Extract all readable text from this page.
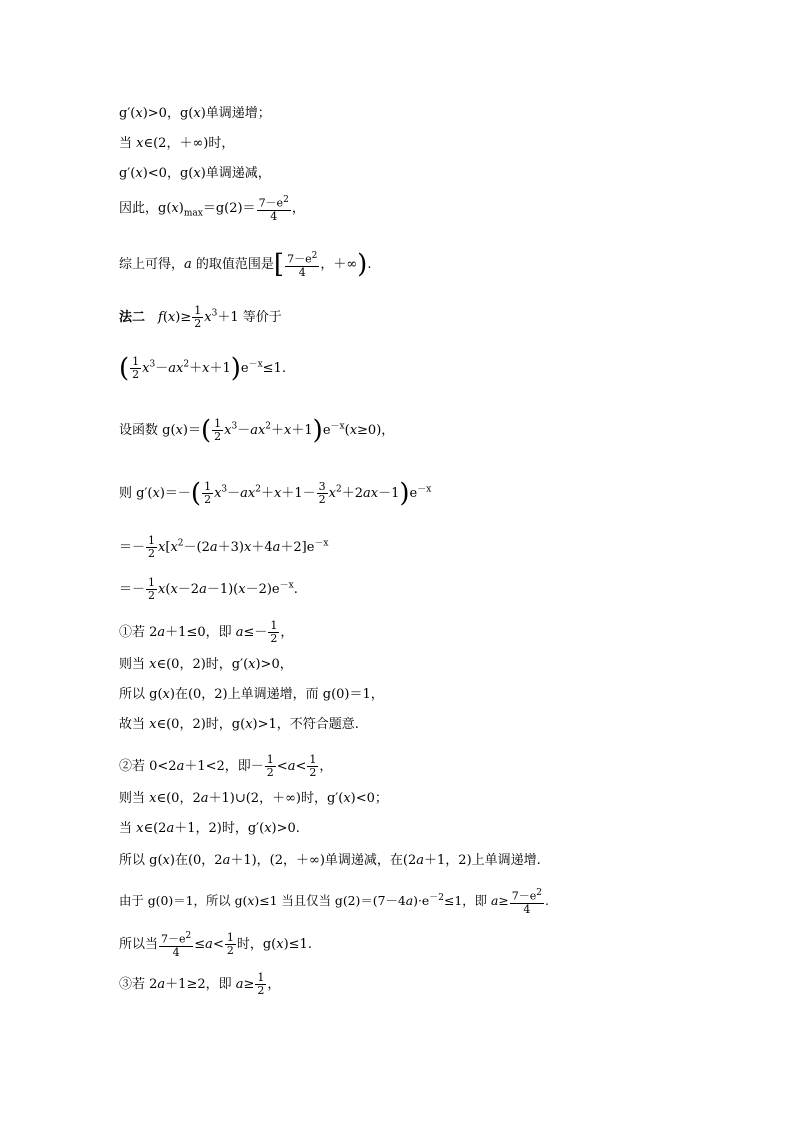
g′(x)>0，g(x)单调递增；
当 x∈(2，＋∞)时，
g′(x)<0，g(x)单调递减，
因此，$g(x)_{max}=g(2)= \frac{7-e^2}{4}$ ，
综上可得，a 的取值范围是[ $\frac{7-e^2}{4}$ ，＋∞).
法二　 $f(x)\ge \frac{1}{2} x^3+1$ 等价于
( $\frac{1}{2} x^3-ax^2+x+1)e^{-x}\le 1$.
设函数 $g(x)=( \frac{1}{2} x^3-ax^2+x+1)e^{-x}(x\ge 0)$，
则 $g'(x)=-( \frac{1}{2} x^3-ax^2+x+1- \frac{3}{2} x^2+2ax-1)e^{-x}$
＝－ $\frac{1}{2} x[x^2-(2a+3)x+4a+2]e^{-x}$
＝－ $\frac{1}{2} x(x-2a-1)(x-2)e^{-x}$.
①若 2a＋1≤0，即 $a\le- \frac{1}{2}$ ，
则当 x∈(0，2)时，g′(x)>0，
所以 g(x)在(0，2)上单调递增，而 g(0)＝1，
故当 x∈(0，2)时，g(x)>1，不符合题意.
②若 0<2a＋1<2，即－ $\frac{1}{2} <a< \frac{1}{2}$ ，
则当 x∈(0，2a＋1)∪(2，＋∞)时，g′(x)<0；
当 x∈(2a＋1，2)时，g′(x)>0.
所以 g(x)在(0，2a＋1)，(2，＋∞)单调递减，在(2a＋1，2)上单调递增.
由于 g(0)＝1，所以 g(x)≤1 当且仅当 $g(2)=(7-4a)\cdot e^{-2}\le 1$，即 $a\ge \frac{7-e^2}{4}$ .
所以当 $\frac{7-e^2}{4} \le a< \frac{1}{2}$ 时，g(x)≤1.
③若 2a＋1≥2，即 $a\ge \frac{1}{2}$ ，
